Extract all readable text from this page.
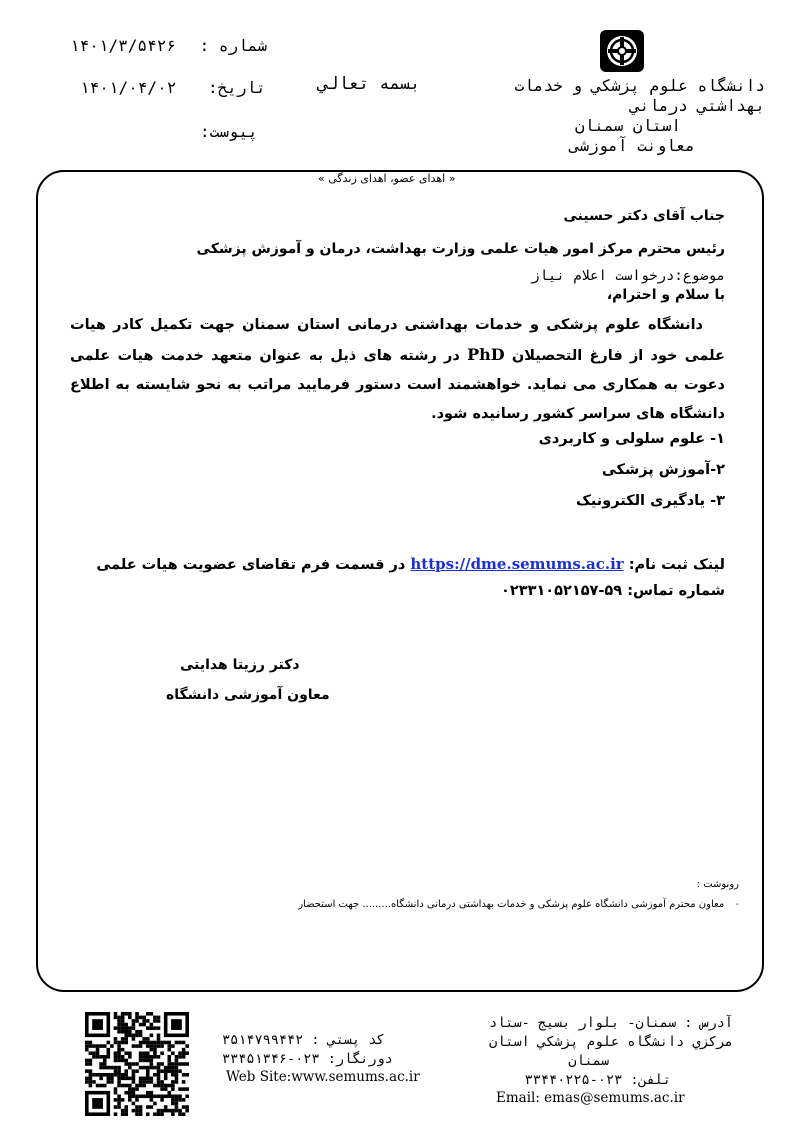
۱۴۰۱/۳/۵۴۲۶ شماره :
۱۴۰۱/۰۴/۰۲ تاريخ:
پيوست:
بسمه تعالي	دانشگاه علوم پزشكي و خدمات
بهداشتي درماني
استان سمنان
معاونت آموزشی
« اهدای عضو، اهدای زندگی »
جناب آقای دکتر حسینی
رئیس محترم مرکز امور هیات علمی وزارت بهداشت، درمان و آموزش پزشکی
موضوع:درخواست اعلام نیاز
با سلام و احترام،

دانشگاه علوم پزشکی و خدمات بهداشتی درمانی استان سمنان جهت تکمیل کادر هیات علمی خود از فارغ التحصیلان PhD در رشته های ذیل به عنوان متعهد خدمت هیات علمی دعوت به همکاری می نماید. خواهشمند است دستور فرمایید مراتب به نحو شایسته به اطلاع دانشگاه های سراسر کشور رسانیده شود.

۱- علوم سلولی و کاربردی
۲-آموزش پزشکی
۳- یادگیری الکترونیک
لینک ثبت نام: https://dme.semums.ac.ir در قسمت فرم تقاضای عضویت هیات علمی
شماره تماس: ۰۲۳۳۱۰۵۲۱۵۷-۵۹
دکتر رزیتا هدایتی
معاون آموزشی دانشگاه
رونوشت :
- معاون محترم آموزشی دانشگاه علوم پزشکی و خدمات بهداشتی درمانی دانشگاه......... جهت استحضار
آدرس : سمنان- بلوار بسيج -ستاد
مركزي دانشگاه علوم پزشكي استان
سمنان
تلفن: ۰۲۳-۳۳۴۴۰۲۲۵
Email: emas@semums.ac.ir
كد پستي : ۳۵۱۴۷۹۹۴۴۲
دورنگار: ۰۲۳-۳۳۴۵۱۳۴۶
Web Site:www.semums.ac.ir
